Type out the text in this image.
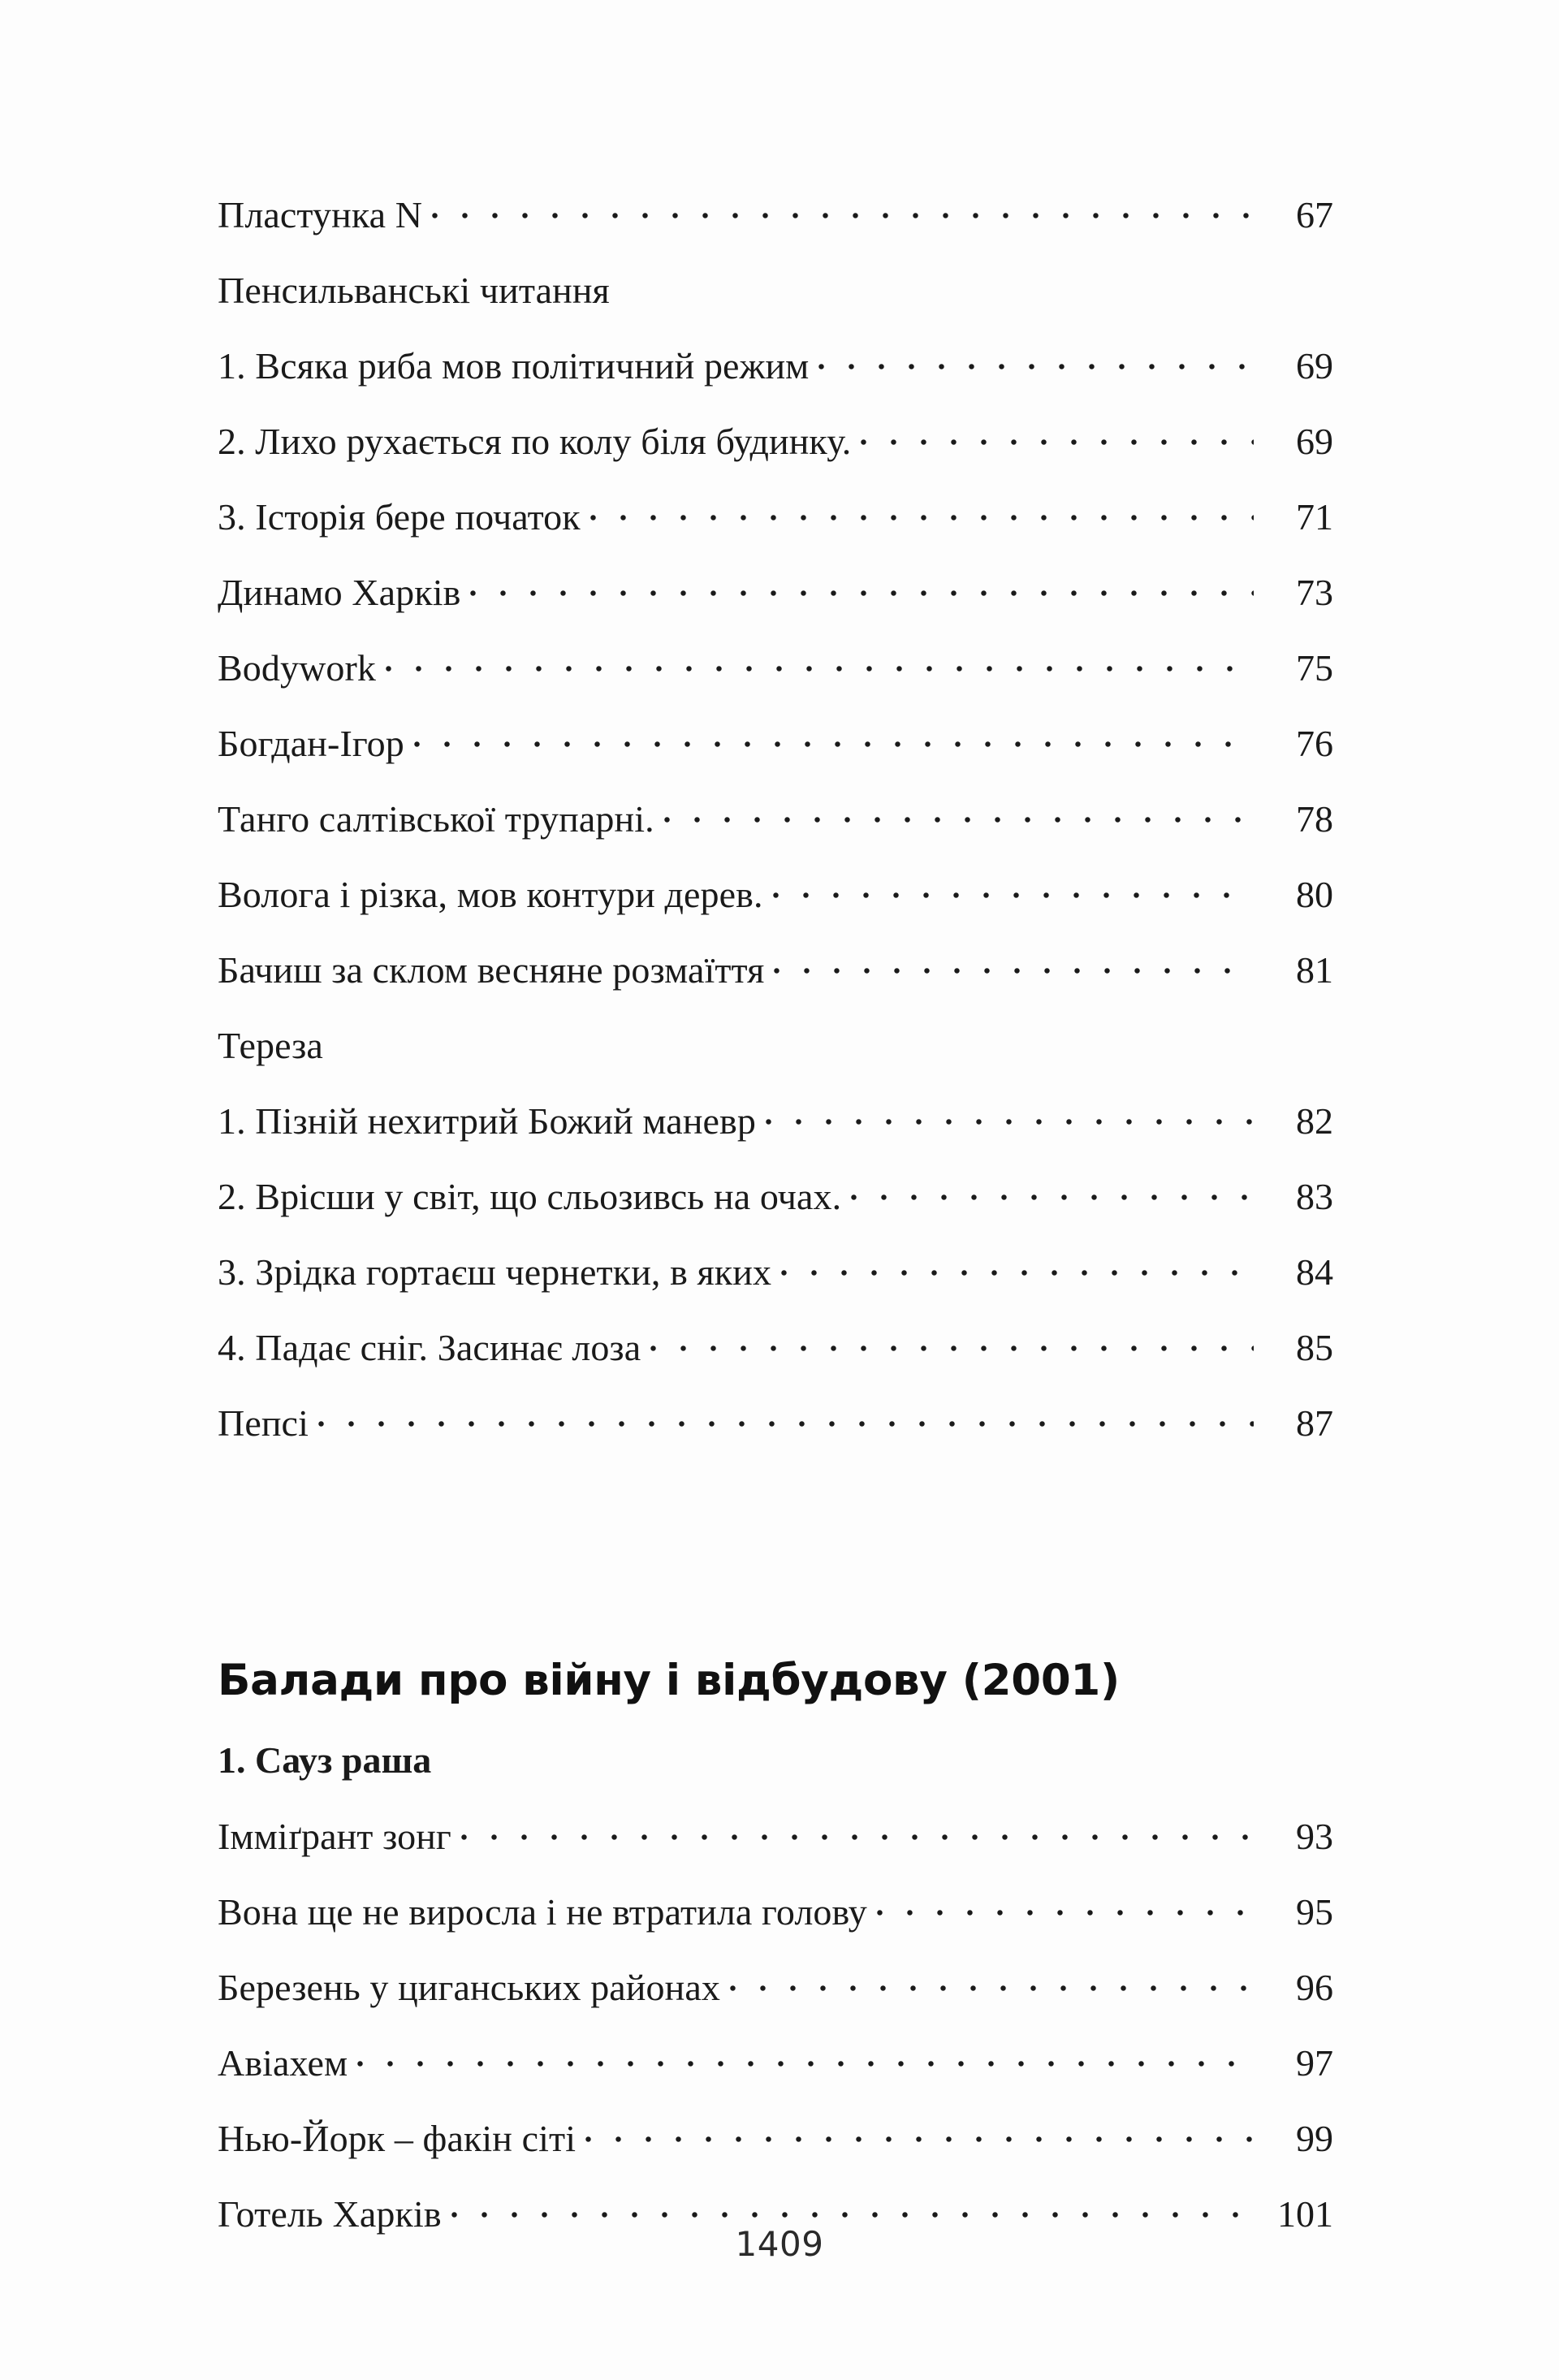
Пластунка N	67
Пенсильванські читання
1. Всяка риба мов політичний режим	69
2. Лихо рухається по колу біля будинку.	69
3. Історія бере початок	71
Динамо Харків	73
Bodywork	75
Богдан-Ігор	76
Танго салтівської трупарні.	78
Волога і різка, мов контури дерев.	80
Бачиш за склом весняне розмаїття	81
Тереза
1. Пізній нехитрий Божий маневр	82
2. Врісши у світ, що сльозивсь на очах.	83
3. Зрідка гортаєш чернетки, в яких	84
4. Падає сніг. Засинає лоза	85
Пепсі	87
Балади про війну і відбудову (2001)
1. Сауз раша
Імміґрант зонг	93
Вона ще не виросла і не втратила голову	95
Березень у циганських районах	96
Авіахем	97
Нью-Йорк – факін сіті	99
Готель Харків	101
1409
